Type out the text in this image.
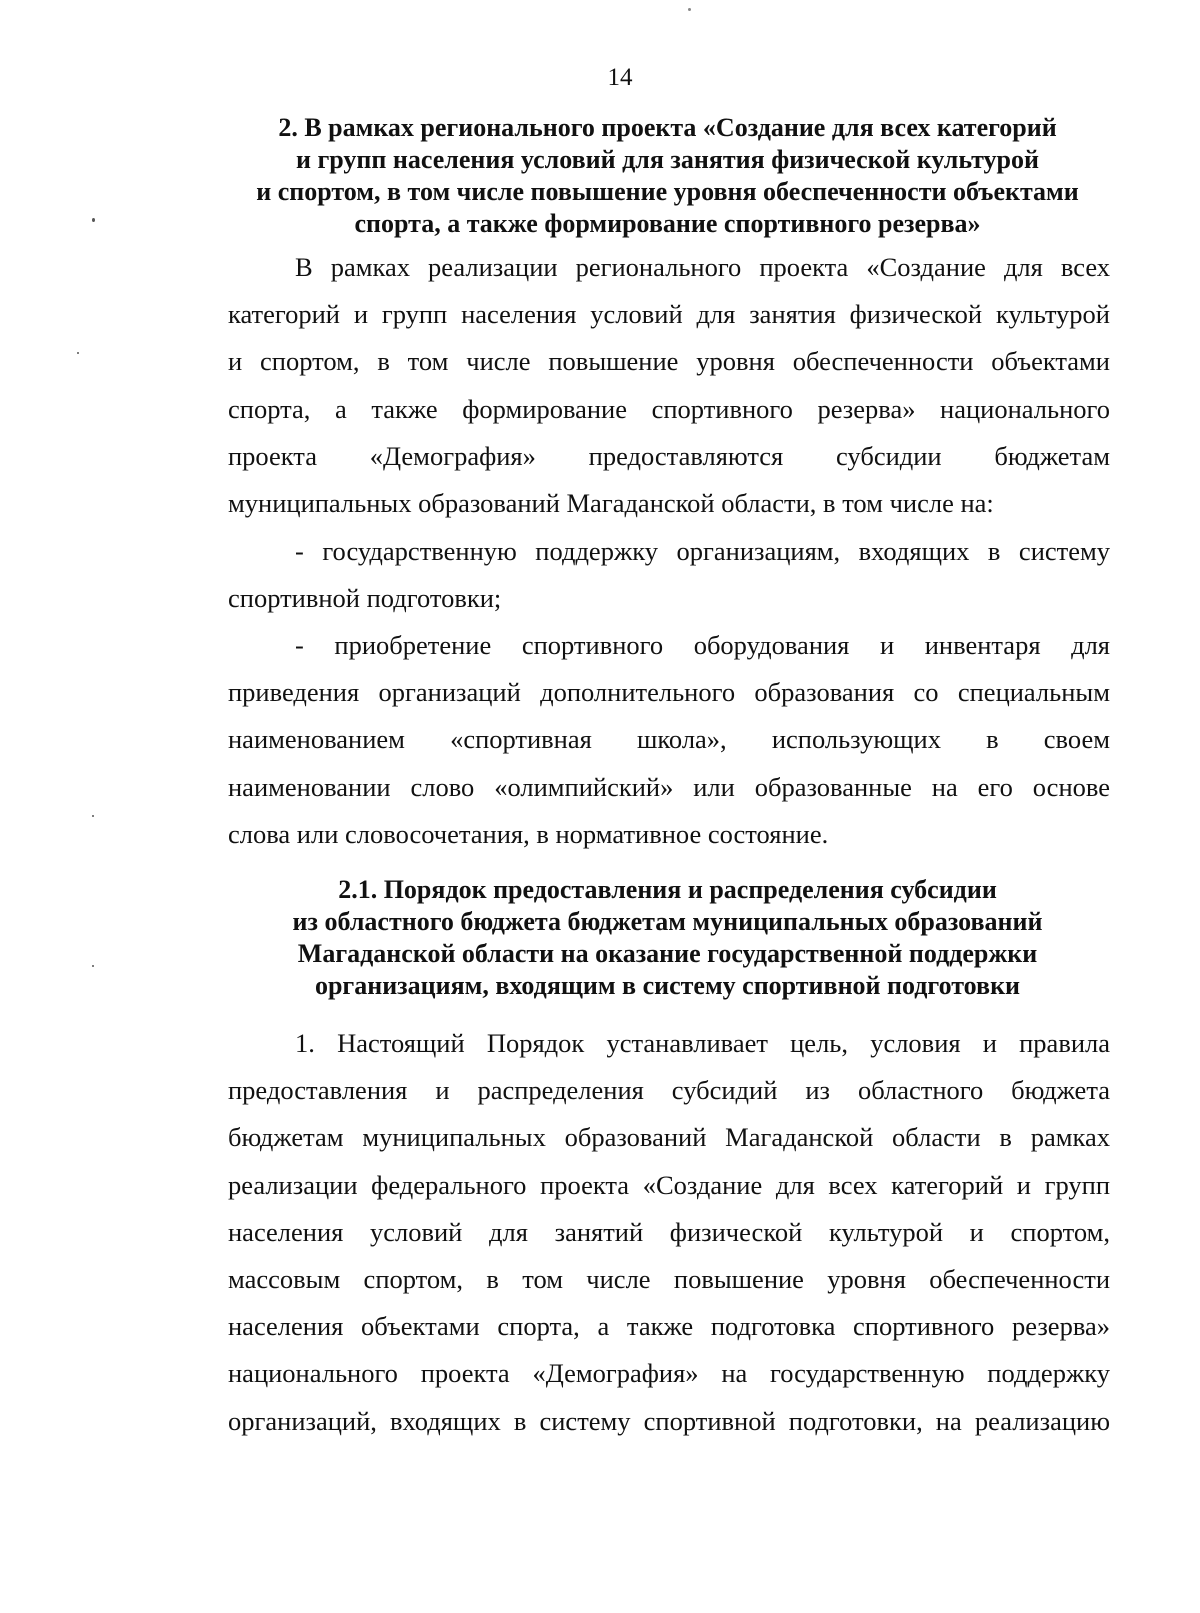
14
2. В рамках регионального проекта «Создание для всех категорий
и групп населения условий для занятия физической культурой
и спортом, в том числе повышение уровня обеспеченности объектами
спорта, а также формирование спортивного резерва»
В рамках реализации регионального проекта «Создание для всех
категорий и групп населения условий для занятия физической культурой
и спортом, в том числе повышение уровня обеспеченности объектами
спорта, а также формирование спортивного резерва» национального
проекта «Демография» предоставляются субсидии бюджетам
муниципальных образований Магаданской области, в том числе на:
- государственную поддержку организациям, входящих в систему
спортивной подготовки;
- приобретение спортивного оборудования и инвентаря для
приведения организаций дополнительного образования со специальным
наименованием «спортивная школа», использующих в своем
наименовании слово «олимпийский» или образованные на его основе
слова или словосочетания, в нормативное состояние.
2.1. Порядок предоставления и распределения субсидии
из областного бюджета бюджетам муниципальных образований
Магаданской области на оказание государственной поддержки
организациям, входящим в систему спортивной подготовки
1. Настоящий Порядок устанавливает цель, условия и правила
предоставления и распределения субсидий из областного бюджета
бюджетам муниципальных образований Магаданской области в рамках
реализации федерального проекта «Создание для всех категорий и групп
населения условий для занятий физической культурой и спортом,
массовым спортом, в том числе повышение уровня обеспеченности
населения объектами спорта, а также подготовка спортивного резерва»
национального проекта «Демография» на государственную поддержку
организаций, входящих в систему спортивной подготовки, на реализацию
